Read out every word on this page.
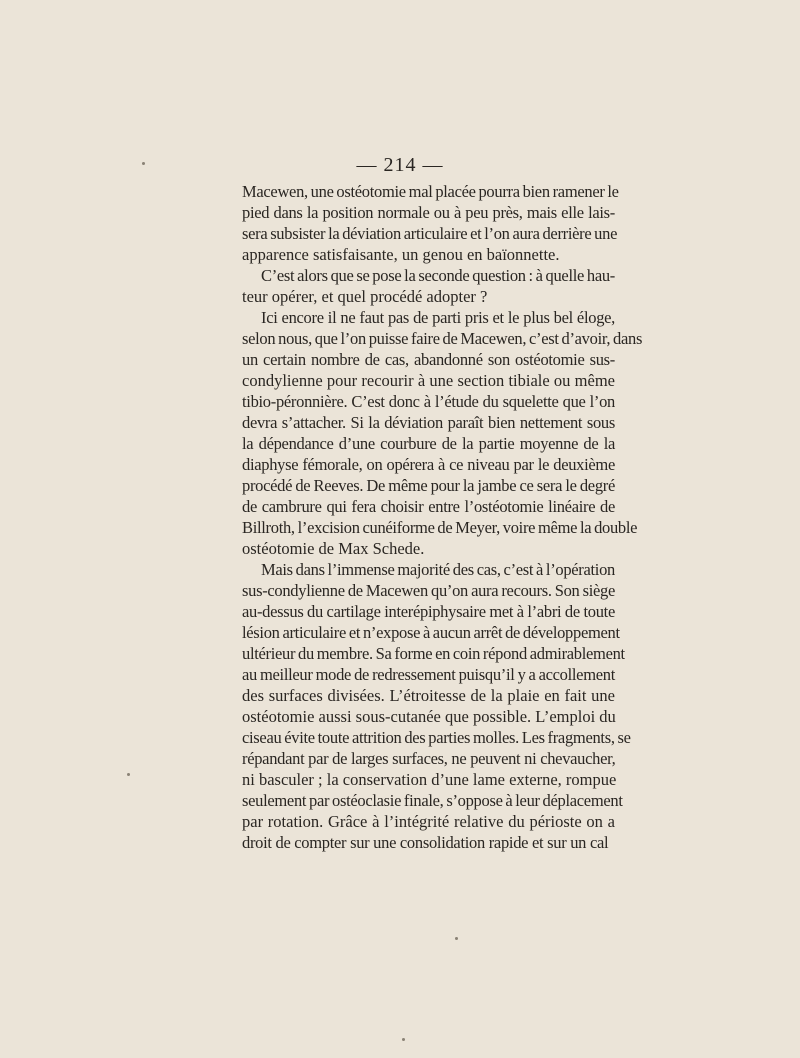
— 214 —
Macewen, une ostéotomie mal placée pourra bien ramener le
pied dans la position normale ou à peu près, mais elle lais-
sera subsister la déviation articulaire et l’on aura derrière une
apparence satisfaisante, un genou en baïonnette.
C’est alors que se pose la seconde question : à quelle hau-
teur opérer, et quel procédé adopter ?
Ici encore il ne faut pas de parti pris et le plus bel éloge,
selon nous, que l’on puisse faire de Macewen, c’est d’avoir, dans
un certain nombre de cas, abandonné son ostéotomie sus-
condylienne pour recourir à une section tibiale ou même
tibio-péronnière. C’est donc à l’étude du squelette que l’on
devra s’attacher. Si la déviation paraît bien nettement sous
la dépendance d’une courbure de la partie moyenne de la
diaphyse fémorale, on opérera à ce niveau par le deuxième
procédé de Reeves. De même pour la jambe ce sera le degré
de cambrure qui fera choisir entre l’ostéotomie linéaire de
Billroth, l’excision cunéiforme de Meyer, voire même la double
ostéotomie de Max Schede.
Mais dans l’immense majorité des cas, c’est à l’opération
sus-condylienne de Macewen qu’on aura recours. Son siège
au-dessus du cartilage interépiphysaire met à l’abri de toute
lésion articulaire et n’expose à aucun arrêt de développement
ultérieur du membre. Sa forme en coin répond admirablement
au meilleur mode de redressement puisqu’il y a accollement
des surfaces divisées. L’étroitesse de la plaie en fait une
ostéotomie aussi sous-cutanée que possible. L’emploi du
ciseau évite toute attrition des parties molles. Les fragments, se
répandant par de larges surfaces, ne peuvent ni chevaucher,
ni basculer ; la conservation d’une lame externe, rompue
seulement par ostéoclasie finale, s’oppose à leur déplacement
par rotation. Grâce à l’intégrité relative du périoste on a
droit de compter sur une consolidation rapide et sur un cal
